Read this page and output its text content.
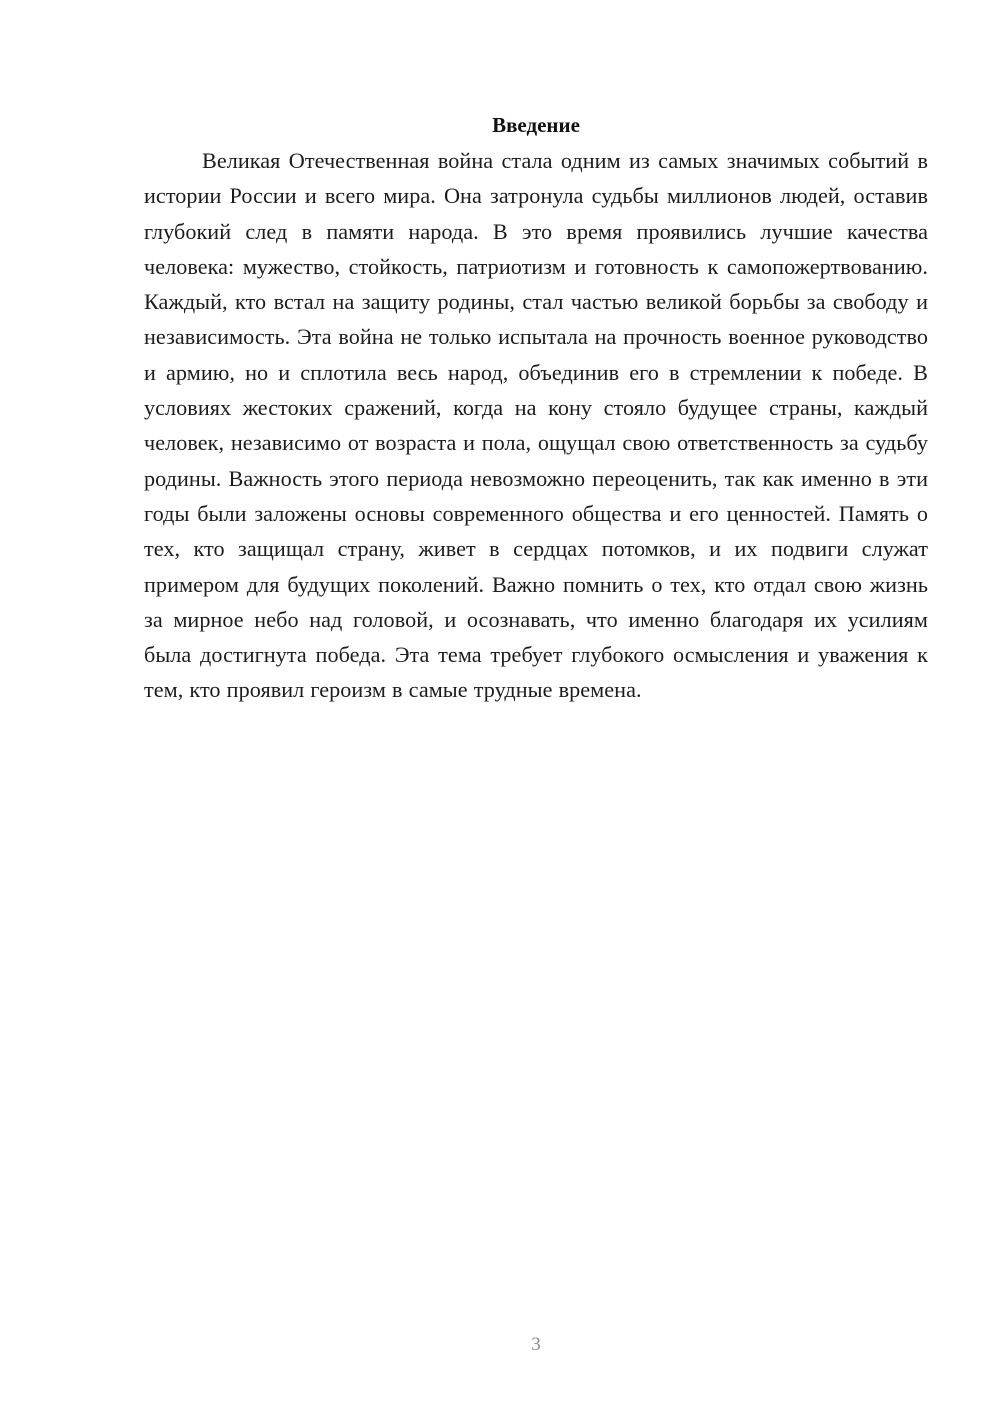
Введение

Великая Отечественная война стала одним из самых значимых событий в истории России и всего мира. Она затронула судьбы миллионов людей, оставив глубокий след в памяти народа. В это время проявились лучшие качества человека: мужество, стойкость, патриотизм и готовность к самопожертвованию. Каждый, кто встал на защиту родины, стал частью великой борьбы за свободу и независимость. Эта война не только испытала на прочность военное руководство и армию, но и сплотила весь народ, объединив его в стремлении к победе. В условиях жестоких сражений, когда на кону стояло будущее страны, каждый человек, независимо от возраста и пола, ощущал свою ответственность за судьбу родины. Важность этого периода невозможно переоценить, так как именно в эти годы были заложены основы современного общества и его ценностей. Память о тех, кто защищал страну, живет в сердцах потомков, и их подвиги служат примером для будущих поколений. Важно помнить о тех, кто отдал свою жизнь за мирное небо над головой, и осознавать, что именно благодаря их усилиям была достигнута победа. Эта тема требует глубокого осмысления и уважения к тем, кто проявил героизм в самые трудные времена.

3
